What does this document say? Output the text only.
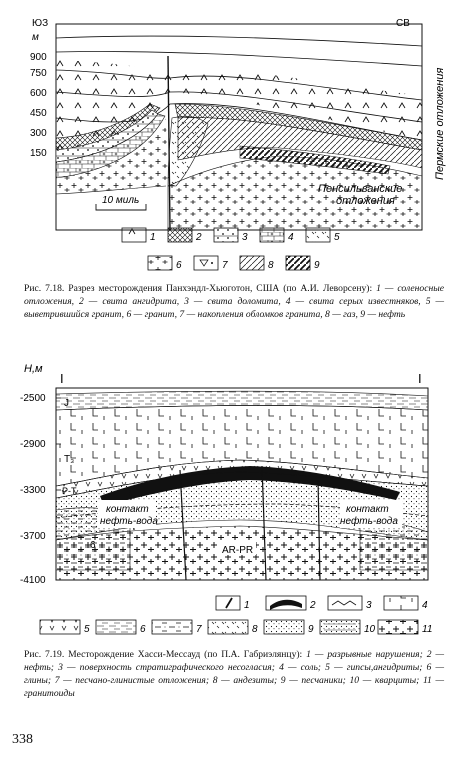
ЮЗ	СВ
м
900
750
600
450
300
150	Пермские отложения
Пенсильванские
отложения
10 миль
1	2	3	4	5
6	7	8	9
Н,м
I	I
-2500
-2900
-3300
-3700
-4100
J
T₃
P-T
6
контакт
нефть-вода
контакт
нефть-вода
AR-PR
1	2	3	4
5	6	7	8	9	10	11
Рис. 7.18. Разрез месторождения Панхэндл-Хьюготон, США (по А.И. Леворсену): 1 — соленосные отложения, 2 — свита ангидрита, 3 — свита доломита, 4 — свита серых известняков, 5 — выветрившийся гранит, 6 — гранит, 7 — накопления обломков гранита, 8 — газ, 9 — нефть
Рис. 7.19. Месторождение Хасси-Мессауд (по П.А. Габриэлянцу): 1 — разрывные нарушения; 2 — нефть; 3 — поверхность стратиграфического несогласия; 4 — соль; 5 — гипсы,ангидриты; 6 — глины; 7 — песчано-глинистые отложения; 8 — андезиты; 9 — песчаники; 10 — кварциты; 11 — гранитоиды
338
